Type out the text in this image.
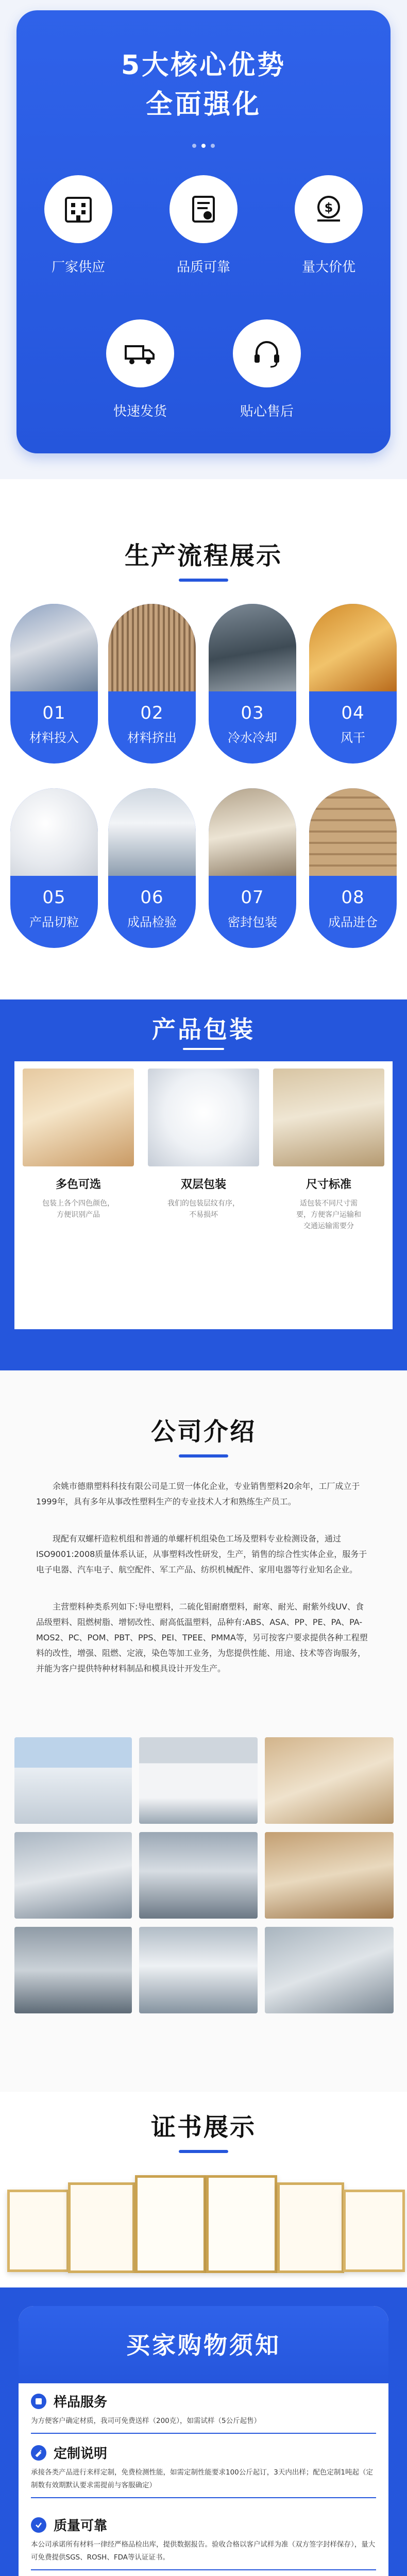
5大核心优势
全面强化
厂家供应	品质可靠
$
量大价优
快速发货	贴心售后
生产流程展示
01
材料投入
02
材料挤出
03
冷水冷却
04
风干
05
产品切粒
06
成品检验
07
密封包装
08
成品进仓
产品包装
多色可选
包装上各个四色颜色，
方便识别产品
双层包装
我们的包装层纹有序，
不易损坏
尺寸标准
适包装不同尺寸需
要，方便客户运输和
交通运输需要分
公司介绍
余姚市德鼎塑料科技有限公司是工贸一体化企业，专业销售塑料20余年，工厂成立于1999年，具有多年从事改性塑料生产的专业技术人才和熟练生产员工。
现配有双螺杆造粒机组和普通的单螺杆机组染色工场及塑料专业检测设备，通过ISO9001:2008质量体系认证，从事塑料改性研发，生产，销售的综合性实体企业，服务于电子电器、汽车电子、航空配件、军工产品、纺织机械配件、家用电器等行业知名企业。
主营塑料种类系列如下:导电塑料，二硫化钼耐磨塑料，耐寒、耐光、耐紫外线UV、食品级塑料、阻燃树脂、增韧改性、耐高低温塑料，品种有:ABS、ASA、PP、PE、PA、PA-MOS2、PC、POM、PBT、PPS、PEI、TPEE、PMMA等，另可按客户要求提供各种工程塑料的改性，增强、阻燃、定液，染色等加工业务，为您提供性能、用途、技术等咨询服务，并能为客户提供特种材料制品和模具设计开发生产。
证书展示
买家购物须知
样品服务
为方便客户确定材质，我司可免费送样（200克），如需试样（5公斤起售）
定制说明
承接各类产品进行来样定制，免费检测性能，如需定制性能要求100公斤起订，3天内出样；配色定制1吨起（定制数有效期默认要求需提前与客服确定）
质量可靠
本公司承诺所有材料一律经严格品检出库，提供数据报告。验收合格以客户试样为准（双方签字封样保存），量大可免费提供SGS、ROSH、FDA等认证证书。
